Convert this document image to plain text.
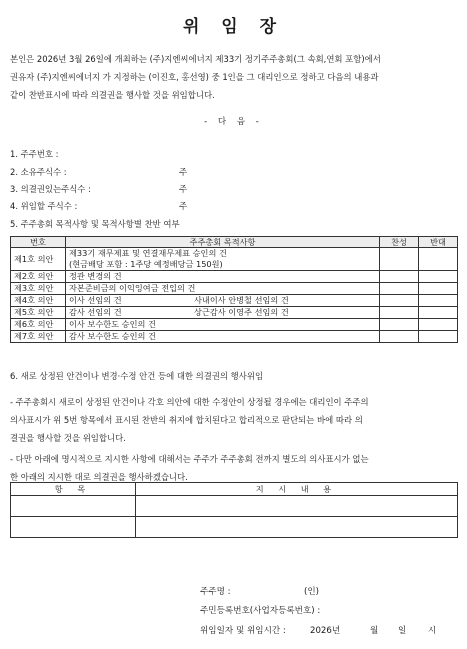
위 임 장
본인은 2026년 3월 26일에 개최하는 (주)지엔씨에너지 제33기 정기주주총회(그 속회,연회 포함)에서
권유자 (주)지엔씨에너지 가 지정하는 (이진호, 홍선영) 중 1인을 그 대리인으로 정하고 다음의 내용과
같이 찬반표시에 따라 의결권을 행사할 것을 위임합니다.
- 다 음 -
1. 주주번호 :
2. 소유주식수 :	주
3. 의결권있는주식수 :	주
4. 위임할 주식수 :	주
5. 주주총회 목적사항 및 목적사항별 찬반 여부
번호	주주총회 목적사항	찬성	반대
제1호 의안	제33기 재무제표 및 연결재무제표 승인의 건
(현금배당 포함 : 1주당 예정배당금 150원)		

제2호 의안	정관 변경의 건		
제3호 의안	자본준비금의 이익잉여금 전입의 건		
제4호 의안	이사 선임의 건 사내이사 안병철 선임의 건		

제5호 의안	감사 선임의 건 상근감사 이영주 선임의 건		

제6호 의안	이사 보수한도 승인의 건		
제7호 의안	감사 보수한도 승인의 건		
6. 새로 상정된 안건이나 변경·수정 안건 등에 대한 의결권의 행사위임
- 주주총회시 새로이 상정된 안건이나 각호 의안에 대한 수정안이 상정될 경우에는 대리인이 주주의
의사표시가 위 5번 항목에서 표시된 찬반의 취지에 합치된다고 합리적으로 판단되는 바에 따라 의
결권을 행사할 것을 위임합니다.
- 다만 아래에 명시적으로 지시한 사항에 대해서는 주주가 주주총회 전까지 별도의 의사표시가 없는
한 아래의 지시한 대로 의결권을 행사하겠습니다.
항 목	지 시 내 용

주주명 :	(인)
주민등록번호(사업자등록번호) :
위임일자 및 위임시간 :	2026년	월 일	시
